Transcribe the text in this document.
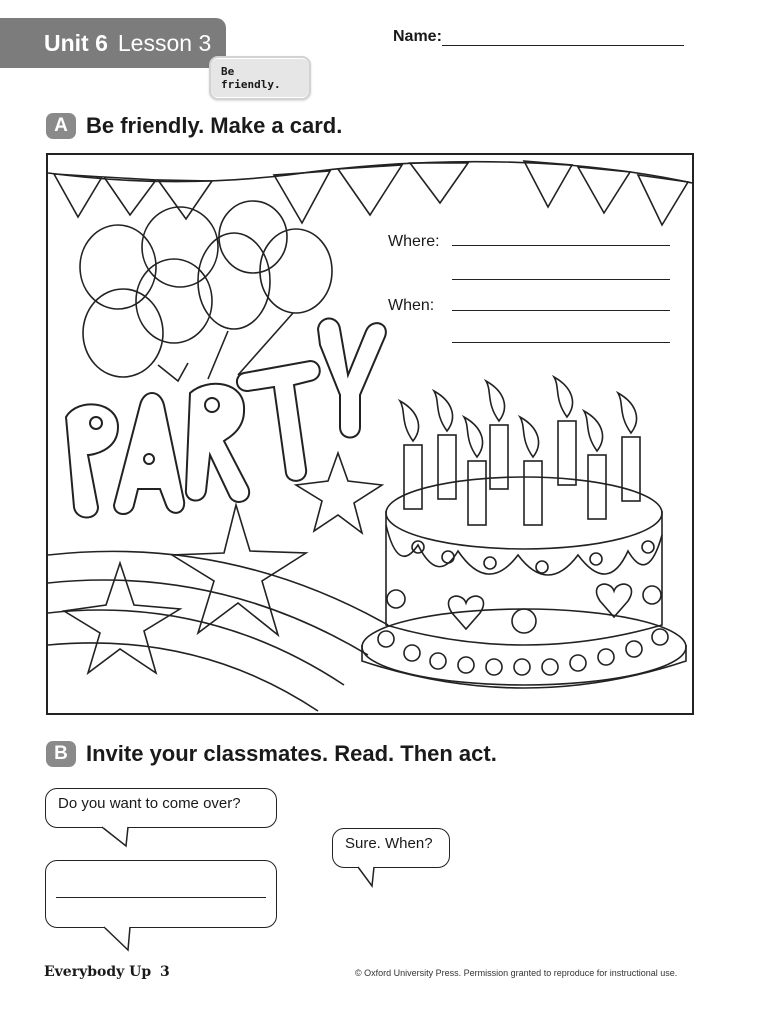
Unit 6 Lesson 3	Name:
Be friendly.
A Be friendly. Make a card.
Where:
When:
B Invite your classmates. Read. Then act.
Do you want to come over?
Sure. When?
Everybody Up 3	© Oxford University Press. Permission granted to reproduce for instructional use.
